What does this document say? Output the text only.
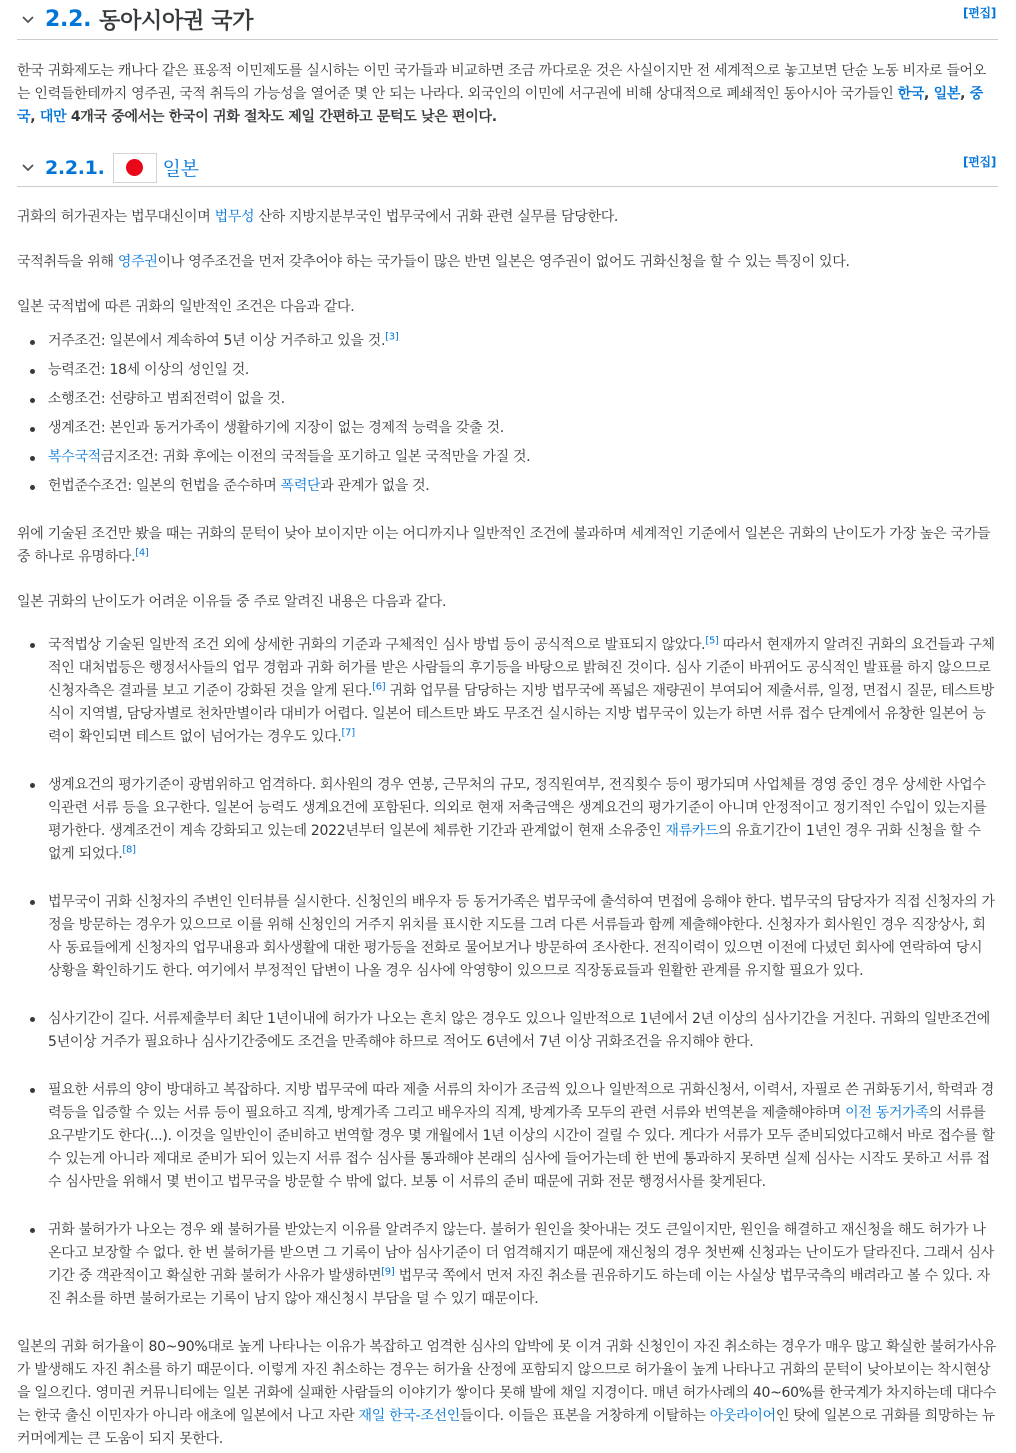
2.2. 동아시아권 국가	[편집]

한국 귀화제도는 캐나다 같은 표옹적 이민제도를 실시하는 이민 국가들과 비교하면 조금 까다로운 것은 사실이지만 전 세계적으로 놓고보면 단순 노동 비자로 들어오는 인력들한테까지 영주권, 국적 취득의 가능성을 열어준 몇 안 되는 나라다. 외국인의 이민에 서구권에 비해 상대적으로 폐쇄적인 동아시아 국가들인 한국, 일본, 중국, 대만 4개국 중에서는 한국이 귀화 절차도 제일 간편하고 문턱도 낮은 편이다.

2.2.1.	일본	[편집]

귀화의 허가권자는 법무대신이며 법무성 산하 지방지분부국인 법무국에서 귀화 관련 실무를 담당한다.

국적취득을 위해 영주권이나 영주조건을 먼저 갖추어야 하는 국가들이 많은 반면 일본은 영주권이 없어도 귀화신청을 할 수 있는 특징이 있다.

일본 국적법에 따른 귀화의 일반적인 조건은 다음과 같다.

거주조건: 일본에서 계속하여 5년 이상 거주하고 있을 것.[3]
능력조건: 18세 이상의 성인일 것.
소행조건: 선량하고 범죄전력이 없을 것.
생계조건: 본인과 동거가족이 생활하기에 지장이 없는 경제적 능력을 갖출 것.
복수국적금지조건: 귀화 후에는 이전의 국적들을 포기하고 일본 국적만을 가질 것.
헌법준수조건: 일본의 헌법을 준수하며 폭력단과 관계가 없을 것.

위에 기술된 조건만 봤을 때는 귀화의 문턱이 낮아 보이지만 이는 어디까지나 일반적인 조건에 불과하며 세계적인 기준에서 일본은 귀화의 난이도가 가장 높은 국가들 중 하나로 유명하다.[4]

일본 귀화의 난이도가 어려운 이유들 중 주로 알려진 내용은 다음과 같다.

국적법상 기술된 일반적 조건 외에 상세한 귀화의 기준과 구체적인 심사 방법 등이 공식적으로 발표되지 않았다.[5] 따라서 현재까지 알려진 귀화의 요건들과 구체적인 대처법등은 행정서사들의 업무 경험과 귀화 허가를 받은 사람들의 후기등을 바탕으로 밝혀진 것이다. 심사 기준이 바뀌어도 공식적인 발표를 하지 않으므로 신청자측은 결과를 보고 기준이 강화된 것을 알게 된다.[6] 귀화 업무를 담당하는 지방 법무국에 폭넓은 재량권이 부여되어 제출서류, 일정, 면접시 질문, 테스트방식이 지역별, 담당자별로 천차만별이라 대비가 어렵다. 일본어 테스트만 봐도 무조건 실시하는 지방 법무국이 있는가 하면 서류 접수 단계에서 유창한 일본어 능력이 확인되면 테스트 없이 넘어가는 경우도 있다.[7]
생계요건의 평가기준이 광범위하고 엄격하다. 회사원의 경우 연봉, 근무처의 규모, 정직원여부, 전직횟수 등이 평가되며 사업체를 경영 중인 경우 상세한 사업수익관련 서류 등을 요구한다. 일본어 능력도 생계요건에 포함된다. 의외로 현재 저축금액은 생계요건의 평가기준이 아니며 안정적이고 정기적인 수입이 있는지를 평가한다. 생계조건이 계속 강화되고 있는데 2022년부터 일본에 체류한 기간과 관계없이 현재 소유중인 재류카드의 유효기간이 1년인 경우 귀화 신청을 할 수 없게 되었다.[8]
법무국이 귀화 신청자의 주변인 인터뷰를 실시한다. 신청인의 배우자 등 동거가족은 법무국에 출석하여 면접에 응해야 한다. 법무국의 담당자가 직접 신청자의 가정을 방문하는 경우가 있으므로 이를 위해 신청인의 거주지 위치를 표시한 지도를 그려 다른 서류들과 함께 제출해야한다. 신청자가 회사원인 경우 직장상사, 회사 동료들에게 신청자의 업무내용과 회사생활에 대한 평가등을 전화로 물어보거나 방문하여 조사한다. 전직이력이 있으면 이전에 다녔던 회사에 연락하여 당시 상황을 확인하기도 한다. 여기에서 부정적인 답변이 나올 경우 심사에 악영향이 있으므로 직장동료들과 원활한 관계를 유지할 필요가 있다.
심사기간이 길다. 서류제출부터 최단 1년이내에 허가가 나오는 흔치 않은 경우도 있으나 일반적으로 1년에서 2년 이상의 심사기간을 거친다. 귀화의 일반조건에 5년이상 거주가 필요하나 심사기간중에도 조건을 만족해야 하므로 적어도 6년에서 7년 이상 귀화조건을 유지해야 한다.
필요한 서류의 양이 방대하고 복잡하다. 지방 법무국에 따라 제출 서류의 차이가 조금씩 있으나 일반적으로 귀화신청서, 이력서, 자필로 쓴 귀화동기서, 학력과 경력등을 입증할 수 있는 서류 등이 필요하고 직계, 방계가족 그리고 배우자의 직계, 방계가족 모두의 관련 서류와 번역본을 제출해야하며 이전 동거가족의 서류를 요구받기도 한다(...). 이것을 일반인이 준비하고 번역할 경우 몇 개월에서 1년 이상의 시간이 걸릴 수 있다. 게다가 서류가 모두 준비되었다고해서 바로 접수를 할 수 있는게 아니라 제대로 준비가 되어 있는지 서류 접수 심사를 통과해야 본래의 심사에 들어가는데 한 번에 통과하지 못하면 실제 심사는 시작도 못하고 서류 접수 심사만을 위해서 몇 번이고 법무국을 방문할 수 밖에 없다. 보통 이 서류의 준비 때문에 귀화 전문 행정서사를 찾게된다.
귀화 불허가가 나오는 경우 왜 불허가를 받았는지 이유를 알려주지 않는다. 불허가 원인을 찾아내는 것도 큰일이지만, 원인을 해결하고 재신청을 해도 허가가 나온다고 보장할 수 없다. 한 번 불허가를 받으면 그 기록이 남아 심사기준이 더 엄격해지기 때문에 재신청의 경우 첫번째 신청과는 난이도가 달라진다. 그래서 심사 기간 중 객관적이고 확실한 귀화 불허가 사유가 발생하면[9] 법무국 쪽에서 먼저 자진 취소를 권유하기도 하는데 이는 사실상 법무국측의 배려라고 볼 수 있다. 자진 취소를 하면 불허가로는 기록이 남지 않아 재신청시 부담을 덜 수 있기 때문이다.

일본의 귀화 허가율이 80~90%대로 높게 나타나는 이유가 복잡하고 엄격한 심사의 압박에 못 이겨 귀화 신청인이 자진 취소하는 경우가 매우 많고 확실한 불허가사유가 발생해도 자진 취소를 하기 때문이다. 이렇게 자진 취소하는 경우는 허가율 산정에 포함되지 않으므로 허가율이 높게 나타나고 귀화의 문턱이 낮아보이는 착시현상을 일으킨다. 영미권 커뮤니티에는 일본 귀화에 실패한 사람들의 이야기가 쌓이다 못해 발에 채일 지경이다. 매년 허가사례의 40~60%를 한국계가 차지하는데 대다수는 한국 출신 이민자가 아니라 애초에 일본에서 나고 자란 재일 한국-조선인들이다. 이들은 표본을 거창하게 이탈하는 아웃라이어인 탓에 일본으로 귀화를 희망하는 뉴커머에게는 큰 도움이 되지 못한다.
